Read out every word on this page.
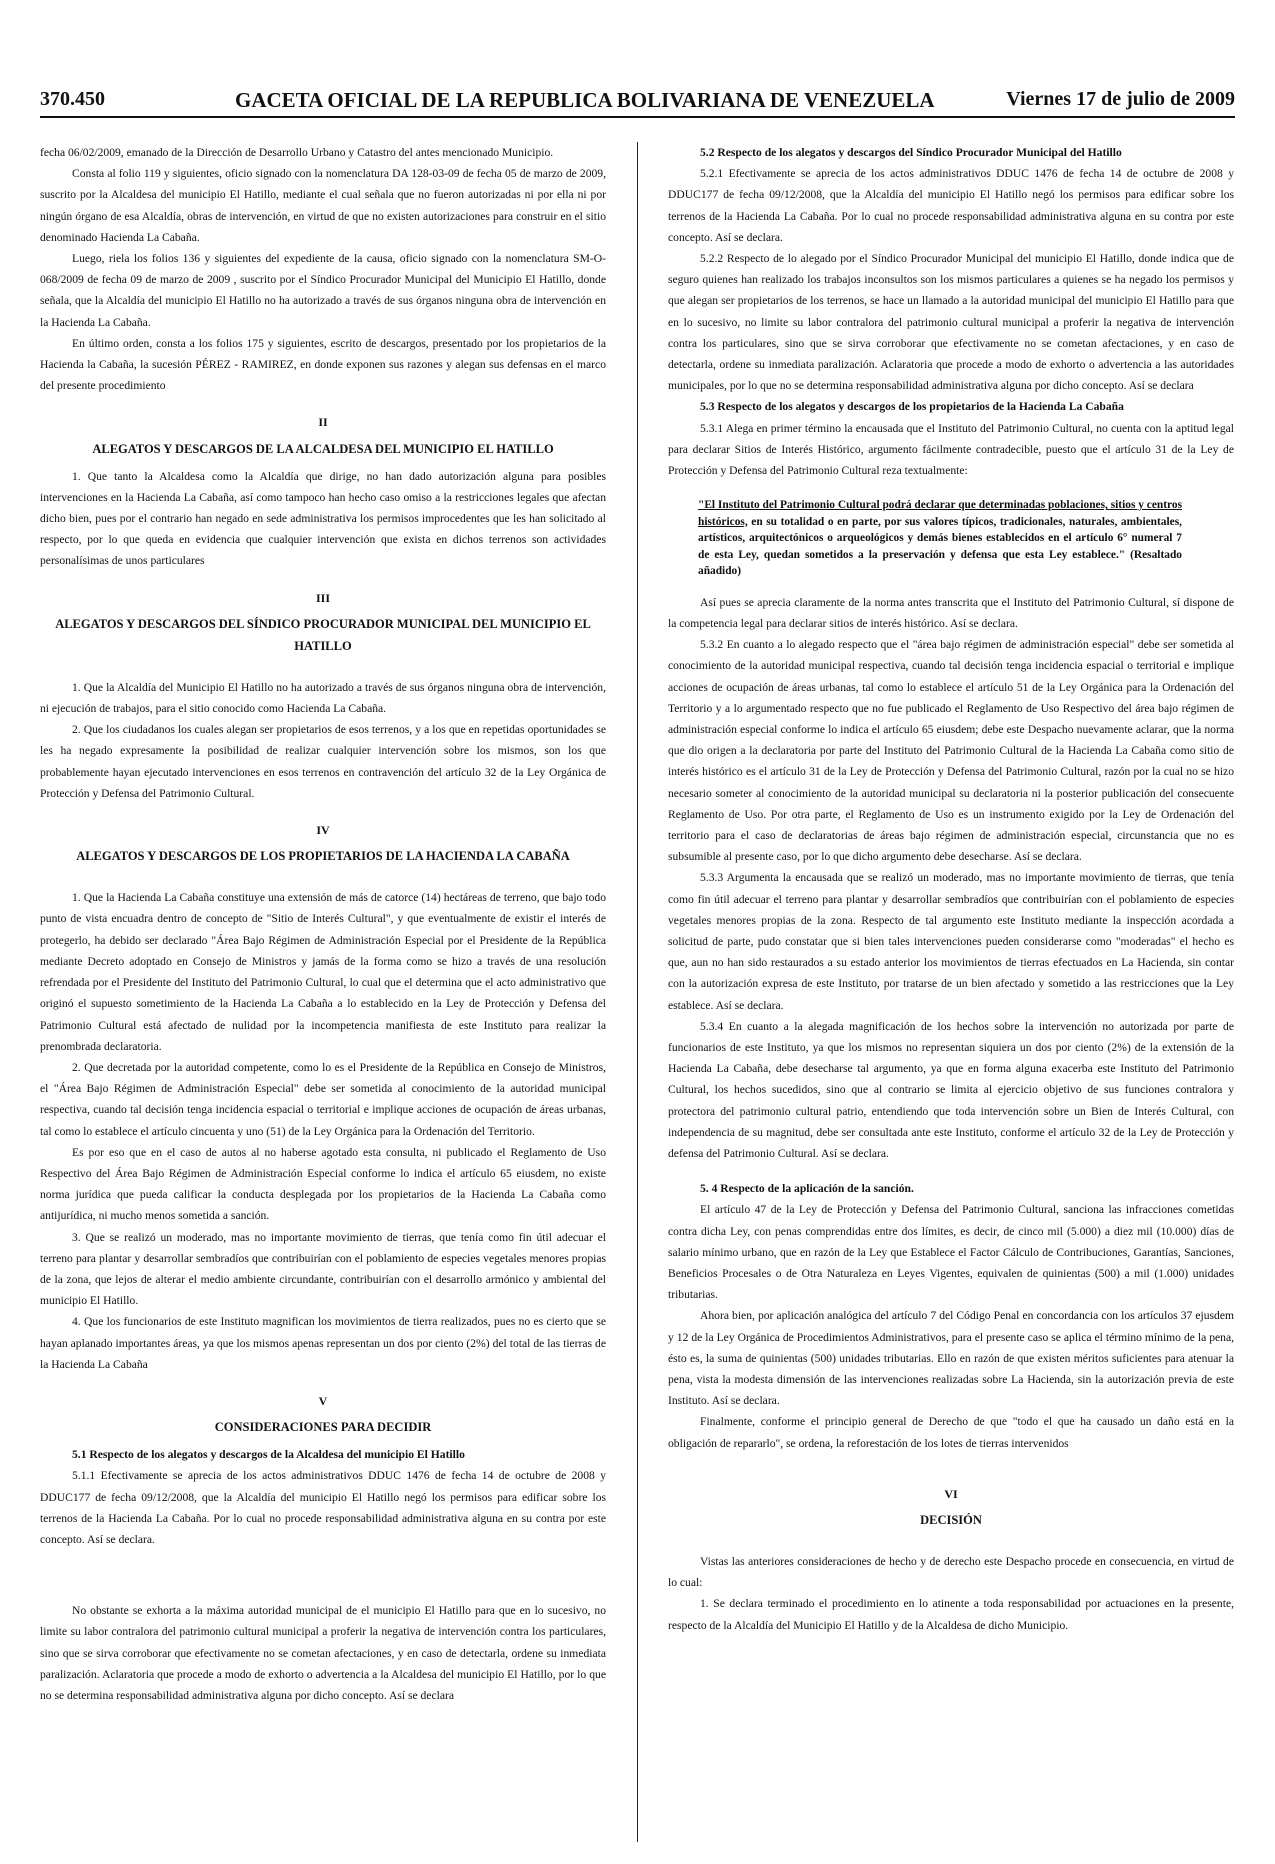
370.450	GACETA OFICIAL DE LA REPUBLICA BOLIVARIANA DE VENEZUELA	Viernes 17 de julio de 2009

fecha 06/02/2009, emanado de la Dirección de Desarrollo Urbano y Catastro del antes mencionado Municipio.

Consta al folio 119 y siguientes, oficio signado con la nomenclatura DA 128-03-09 de fecha 05 de marzo de 2009, suscrito por la Alcaldesa del municipio El Hatillo, mediante el cual señala que no fueron autorizadas ni por ella ni por ningún órgano de esa Alcaldía, obras de intervención, en virtud de que no existen autorizaciones para construir en el sitio denominado Hacienda La Cabaña.

Luego, riela los folios 136 y siguientes del expediente de la causa, oficio signado con la nomenclatura SM-O-068/2009 de fecha 09 de marzo de 2009 , suscrito por el Síndico Procurador Municipal del Municipio El Hatillo, donde señala, que la Alcaldía del municipio El Hatillo no ha autorizado a través de sus órganos ninguna obra de intervención en la Hacienda La Cabaña.

En último orden, consta a los folios 175 y siguientes, escrito de descargos, presentado por los propietarios de la Hacienda la Cabaña, la sucesión PÉREZ - RAMIREZ, en donde exponen sus razones y alegan sus defensas en el marco del presente procedimiento

II
ALEGATOS Y DESCARGOS DE LA ALCALDESA DEL MUNICIPIO EL HATILLO

1. Que tanto la Alcaldesa como la Alcaldía que dirige, no han dado autorización alguna para posibles intervenciones en la Hacienda La Cabaña, así como tampoco han hecho caso omiso a la restricciones legales que afectan dicho bien, pues por el contrario han negado en sede administrativa los permisos improcedentes que les han solicitado al respecto, por lo que queda en evidencia que cualquier intervención que exista en dichos terrenos son actividades personalísimas de unos particulares

III
ALEGATOS Y DESCARGOS DEL SÍNDICO PROCURADOR MUNICIPAL DEL MUNICIPIO EL HATILLO

1. Que la Alcaldía del Municipio El Hatillo no ha autorizado a través de sus órganos ninguna obra de intervención, ni ejecución de trabajos, para el sitio conocido como Hacienda La Cabaña.

2. Que los ciudadanos los cuales alegan ser propietarios de esos terrenos, y a los que en repetidas oportunidades se les ha negado expresamente la posibilidad de realizar cualquier intervención sobre los mismos, son los que probablemente hayan ejecutado intervenciones en esos terrenos en contravención del artículo 32 de la Ley Orgánica de Protección y Defensa del Patrimonio Cultural.

IV
ALEGATOS Y DESCARGOS DE LOS PROPIETARIOS DE LA HACIENDA LA CABAÑA

1. Que la Hacienda La Cabaña constituye una extensión de más de catorce (14) hectáreas de terreno, que bajo todo punto de vista encuadra dentro de concepto de "Sitio de Interés Cultural", y que eventualmente de existir el interés de protegerlo, ha debido ser declarado "Área Bajo Régimen de Administración Especial por el Presidente de la República mediante Decreto adoptado en Consejo de Ministros y jamás de la forma como se hizo a través de una resolución refrendada por el Presidente del Instituto del Patrimonio Cultural, lo cual que el determina que el acto administrativo que originó el supuesto sometimiento de la Hacienda La Cabaña a lo establecido en la Ley de Protección y Defensa del Patrimonio Cultural está afectado de nulidad por la incompetencia manifiesta de este Instituto para realizar la prenombrada declaratoria.

2. Que decretada por la autoridad competente, como lo es el Presidente de la República en Consejo de Ministros, el "Área Bajo Régimen de Administración Especial" debe ser sometida al conocimiento de la autoridad municipal respectiva, cuando tal decisión tenga incidencia espacial o territorial e implique acciones de ocupación de áreas urbanas, tal como lo establece el artículo cincuenta y uno (51) de la Ley Orgánica para la Ordenación del Territorio.

Es por eso que en el caso de autos al no haberse agotado esta consulta, ni publicado el Reglamento de Uso Respectivo del Área Bajo Régimen de Administración Especial conforme lo indica el artículo 65 eiusdem, no existe norma jurídica que pueda calificar la conducta desplegada por los propietarios de la Hacienda La Cabaña como antijurídica, ni mucho menos sometida a sanción.

3. Que se realizó un moderado, mas no importante movimiento de tierras, que tenía como fin útil adecuar el terreno para plantar y desarrollar sembradíos que contribuirían con el poblamiento de especies vegetales menores propias de la zona, que lejos de alterar el medio ambiente circundante, contribuirían con el desarrollo armónico y ambiental del municipio El Hatillo.

4. Que los funcionarios de este Instituto magnifican los movimientos de tierra realizados, pues no es cierto que se hayan aplanado importantes áreas, ya que los mismos apenas representan un dos por ciento (2%) del total de las tierras de la Hacienda La Cabaña

V
CONSIDERACIONES PARA DECIDIR

5.1 Respecto de los alegatos y descargos de la Alcaldesa del municipio El Hatillo

5.1.1 Efectivamente se aprecia de los actos administrativos DDUC 1476 de fecha 14 de octubre de 2008 y DDUC177 de fecha 09/12/2008, que la Alcaldía del municipio El Hatillo negó los permisos para edificar sobre los terrenos de la Hacienda La Cabaña. Por lo cual no procede responsabilidad administrativa alguna en su contra por este concepto. Así se declara.

No obstante se exhorta a la máxima autoridad municipal de el municipio El Hatillo para que en lo sucesivo, no limite su labor contralora del patrimonio cultural municipal a proferir la negativa de intervención contra los particulares, sino que se sirva corroborar que efectivamente no se cometan afectaciones, y en caso de detectarla, ordene su inmediata paralización. Aclaratoria que procede a modo de exhorto o advertencia a la Alcaldesa del municipio El Hatillo, por lo que no se determina responsabilidad administrativa alguna por dicho concepto. Así se declara

5.2 Respecto de los alegatos y descargos del Síndico Procurador Municipal del Hatillo

5.2.1 Efectivamente se aprecia de los actos administrativos DDUC 1476 de fecha 14 de octubre de 2008 y DDUC177 de fecha 09/12/2008, que la Alcaldía del municipio El Hatillo negó los permisos para edificar sobre los terrenos de la Hacienda La Cabaña. Por lo cual no procede responsabilidad administrativa alguna en su contra por este concepto. Así se declara.

5.2.2 Respecto de lo alegado por el Síndico Procurador Municipal del municipio El Hatillo, donde indica que de seguro quienes han realizado los trabajos inconsultos son los mismos particulares a quienes se ha negado los permisos y que alegan ser propietarios de los terrenos, se hace un llamado a la autoridad municipal del municipio El Hatillo para que en lo sucesivo, no limite su labor contralora del patrimonio cultural municipal a proferir la negativa de intervención contra los particulares, sino que se sirva corroborar que efectivamente no se cometan afectaciones, y en caso de detectarla, ordene su inmediata paralización. Aclaratoria que procede a modo de exhorto o advertencia a las autoridades municipales, por lo que no se determina responsabilidad administrativa alguna por dicho concepto. Así se declara

5.3 Respecto de los alegatos y descargos de los propietarios de la Hacienda La Cabaña

5.3.1 Alega en primer término la encausada que el Instituto del Patrimonio Cultural, no cuenta con la aptitud legal para declarar Sitios de Interés Histórico, argumento fácilmente contradecible, puesto que el artículo 31 de la Ley de Protección y Defensa del Patrimonio Cultural reza textualmente:

"El Instituto del Patrimonio Cultural podrá declarar que determinadas poblaciones, sitios y centros históricos, en su totalidad o en parte, por sus valores típicos, tradicionales, naturales, ambientales, artísticos, arquitectónicos o arqueológicos y demás bienes establecidos en el artículo 6° numeral 7 de esta Ley, quedan sometidos a la preservación y defensa que esta Ley establece." (Resaltado añadido)

Así pues se aprecia claramente de la norma antes transcrita que el Instituto del Patrimonio Cultural, sí dispone de la competencia legal para declarar sitios de interés histórico. Así se declara.

5.3.2 En cuanto a lo alegado respecto que el "área bajo régimen de administración especial" debe ser sometida al conocimiento de la autoridad municipal respectiva, cuando tal decisión tenga incidencia espacial o territorial e implique acciones de ocupación de áreas urbanas, tal como lo establece el artículo 51 de la Ley Orgánica para la Ordenación del Territorio y a lo argumentado respecto que no fue publicado el Reglamento de Uso Respectivo del área bajo régimen de administración especial conforme lo indica el artículo 65 eiusdem; debe este Despacho nuevamente aclarar, que la norma que dio origen a la declaratoria por parte del Instituto del Patrimonio Cultural de la Hacienda La Cabaña como sitio de interés histórico es el artículo 31 de la Ley de Protección y Defensa del Patrimonio Cultural, razón por la cual no se hizo necesario someter al conocimiento de la autoridad municipal su declaratoria ni la posterior publicación del consecuente Reglamento de Uso. Por otra parte, el Reglamento de Uso es un instrumento exigido por la Ley de Ordenación del territorio para el caso de declaratorias de áreas bajo régimen de administración especial, circunstancia que no es subsumible al presente caso, por lo que dicho argumento debe desecharse. Así se declara.

5.3.3 Argumenta la encausada que se realizó un moderado, mas no importante movimiento de tierras, que tenía como fin útil adecuar el terreno para plantar y desarrollar sembradíos que contribuirían con el poblamiento de especies vegetales menores propias de la zona. Respecto de tal argumento este Instituto mediante la inspección acordada a solicitud de parte, pudo constatar que si bien tales intervenciones pueden considerarse como "moderadas" el hecho es que, aun no han sido restaurados a su estado anterior los movimientos de tierras efectuados en La Hacienda, sin contar con la autorización expresa de este Instituto, por tratarse de un bien afectado y sometido a las restricciones que la Ley establece. Así se declara.

5.3.4 En cuanto a la alegada magnificación de los hechos sobre la intervención no autorizada por parte de funcionarios de este Instituto, ya que los mismos no representan siquiera un dos por ciento (2%) de la extensión de la Hacienda La Cabaña, debe desecharse tal argumento, ya que en forma alguna exacerba este Instituto del Patrimonio Cultural, los hechos sucedidos, sino que al contrario se limita al ejercicio objetivo de sus funciones contralora y protectora del patrimonio cultural patrio, entendiendo que toda intervención sobre un Bien de Interés Cultural, con independencia de su magnitud, debe ser consultada ante este Instituto, conforme el artículo 32 de la Ley de Protección y defensa del Patrimonio Cultural. Así se declara.

5. 4 Respecto de la aplicación de la sanción.

El artículo 47 de la Ley de Protección y Defensa del Patrimonio Cultural, sanciona las infracciones cometidas contra dicha Ley, con penas comprendidas entre dos límites, es decir, de cinco mil (5.000) a diez mil (10.000) días de salario mínimo urbano, que en razón de la Ley que Establece el Factor Cálculo de Contribuciones, Garantías, Sanciones, Beneficios Procesales o de Otra Naturaleza en Leyes Vigentes, equivalen de quinientas (500) a mil (1.000) unidades tributarias.

Ahora bien, por aplicación analógica del artículo 7 del Código Penal en concordancia con los artículos 37 ejusdem y 12 de la Ley Orgánica de Procedimientos Administrativos, para el presente caso se aplica el término mínimo de la pena, ésto es, la suma de quinientas (500) unidades tributarias. Ello en razón de que existen méritos suficientes para atenuar la pena, vista la modesta dimensión de las intervenciones realizadas sobre La Hacienda, sin la autorización previa de este Instituto. Así se declara.

Finalmente, conforme el principio general de Derecho de que "todo el que ha causado un daño está en la obligación de repararlo", se ordena, la reforestación de los lotes de tierras intervenidos

VI
DECISIÓN

Vistas las anteriores consideraciones de hecho y de derecho este Despacho procede en consecuencia, en virtud de lo cual:

1. Se declara terminado el procedimiento en lo atinente a toda responsabilidad por actuaciones en la presente, respecto de la Alcaldía del Municipio El Hatillo y de la Alcaldesa de dicho Municipio.
